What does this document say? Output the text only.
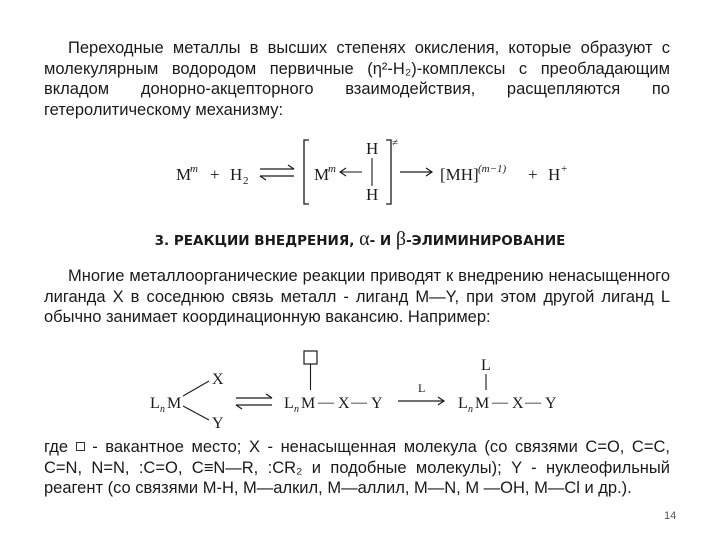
Переходные металлы в высших степенях окисления, которые образуют с молекулярным водородом первичные (η²-H₂)-комплексы с преобладающим вкладом донорно-акцепторного взаимодействия, расщепляются по гетеролитическому механизму:

M
m + H 2	M
m
H
H
≠
[MH] (m−1) + H +
3. РЕАКЦИИ ВНЕДРЕНИЯ, α- И β-ЭЛИМИНИРОВАНИЕ

Многие металлоорганические реакции приводят к внедрению ненасыщенного лиганда X в соседнюю связь металл - лиганд M—Y, при этом другой лиганд L обычно занимает координационную вакансию. Например:

L n M
X
Y
L n M — X — Y
L
L
L n M — X — Y

где  - вакантное место; X - ненасыщенная молекула (со связями C=O, C=C, C=N, N=N, :C=O, C≡N—R, :CR₂ и подобные молекулы); Y - нуклеофильный реагент (со связями M-H, M—алкил, M—аллил, M—N, M —OH, M—Cl и др.).

14
